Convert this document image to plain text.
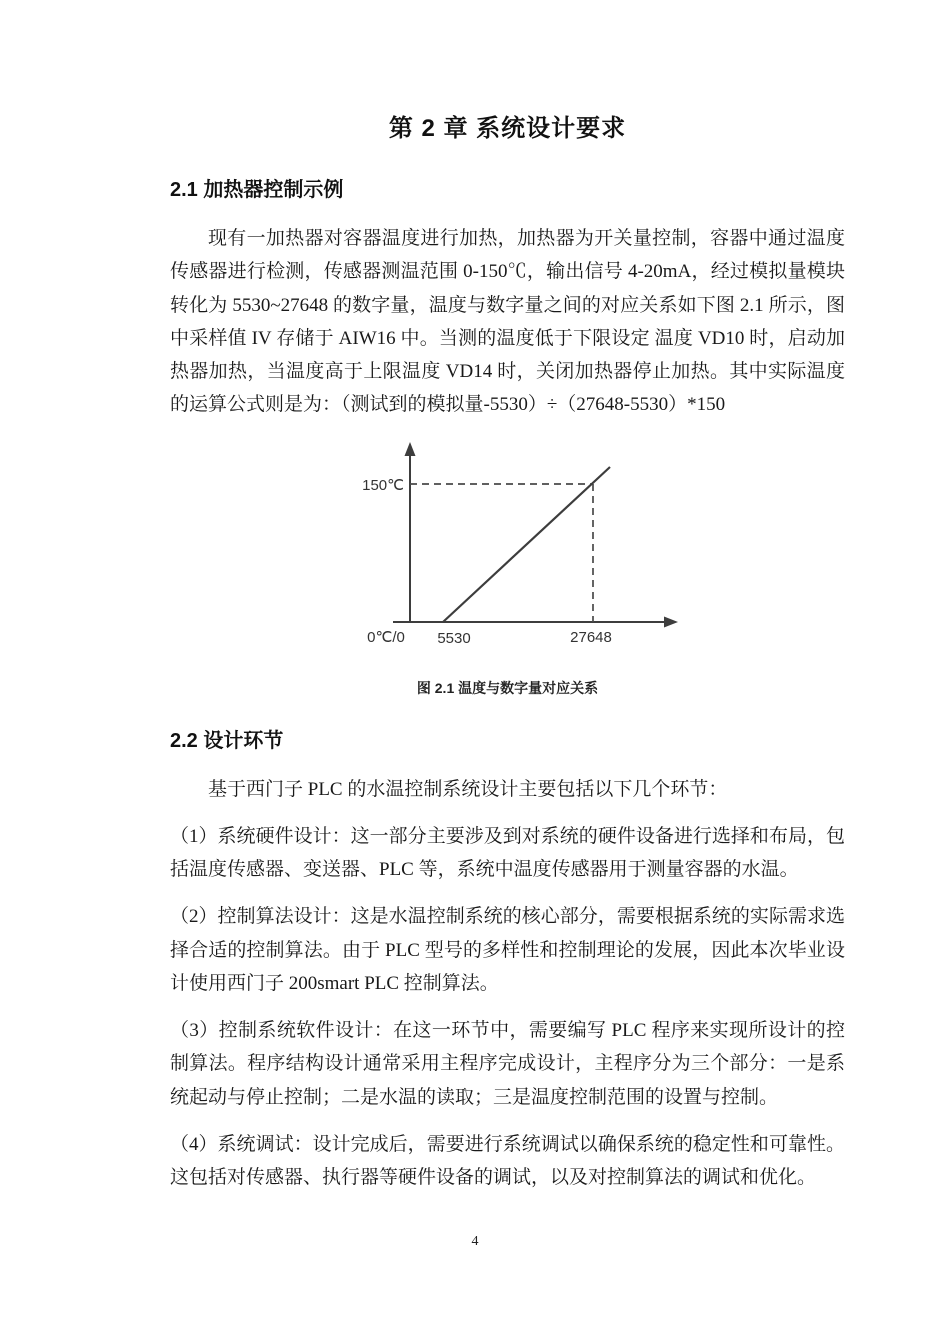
第 2 章 系统设计要求
2.1 加热器控制示例

现有一加热器对容器温度进行加热，加热器为开关量控制，容器中通过温度传感器进行检测，传感器测温范围 0-150℃，输出信号 4-20mA，经过模拟量模块转化为 5530~27648 的数字量，温度与数字量之间的对应关系如下图 2.1 所示，图中采样值 IV 存储于 AIW16 中。当测的温度低于下限设定 温度 VD10 时，启动加热器加热，当温度高于上限温度 VD14 时，关闭加热器停止加热。其中实际温度的运算公式则是为：（测试到的模拟量-5530）÷（27648-5530）*150

150℃
0℃/0 5530	27648
图 2.1 温度与数字量对应关系
2.2 设计环节

基于西门子 PLC 的水温控制系统设计主要包括以下几个环节：

（1）系统硬件设计：这一部分主要涉及到对系统的硬件设备进行选择和布局，包括温度传感器、变送器、PLC 等，系统中温度传感器用于测量容器的水温。

（2）控制算法设计：这是水温控制系统的核心部分，需要根据系统的实际需求选择合适的控制算法。由于 PLC 型号的多样性和控制理论的发展，因此本次毕业设计使用西门子 200smart PLC 控制算法。

（3）控制系统软件设计：在这一环节中，需要编写 PLC 程序来实现所设计的控制算法。程序结构设计通常采用主程序完成设计，主程序分为三个部分：一是系统起动与停止控制；二是水温的读取；三是温度控制范围的设置与控制。

（4）系统调试：设计完成后，需要进行系统调试以确保系统的稳定性和可靠性。这包括对传感器、执行器等硬件设备的调试，以及对控制算法的调试和优化。

4
